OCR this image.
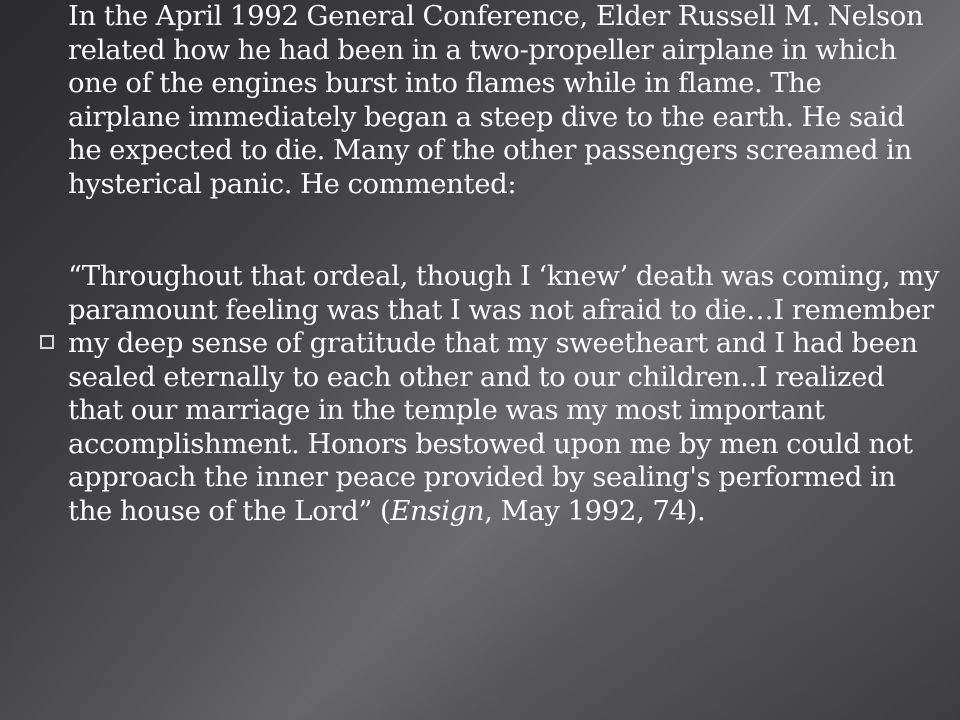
In the April 1992 General Conference, Elder Russell M. Nelson related how he had been in a two-propeller airplane in which one of the engines burst into flames while in flame. The airplane immediately began a steep dive to the earth. He said he expected to die. Many of the other passengers screamed in hysterical panic. He commented:

“Throughout that ordeal, though I ‘knew’ death was coming, my paramount feeling was that I was not afraid to die…I remember my deep sense of gratitude that my sweetheart and I had been sealed eternally to each other and to our children..I realized that our marriage in the temple was my most important accomplishment. Honors bestowed upon me by men could not approach the inner peace provided by sealing's performed in the house of the Lord” (Ensign, May 1992, 74).
